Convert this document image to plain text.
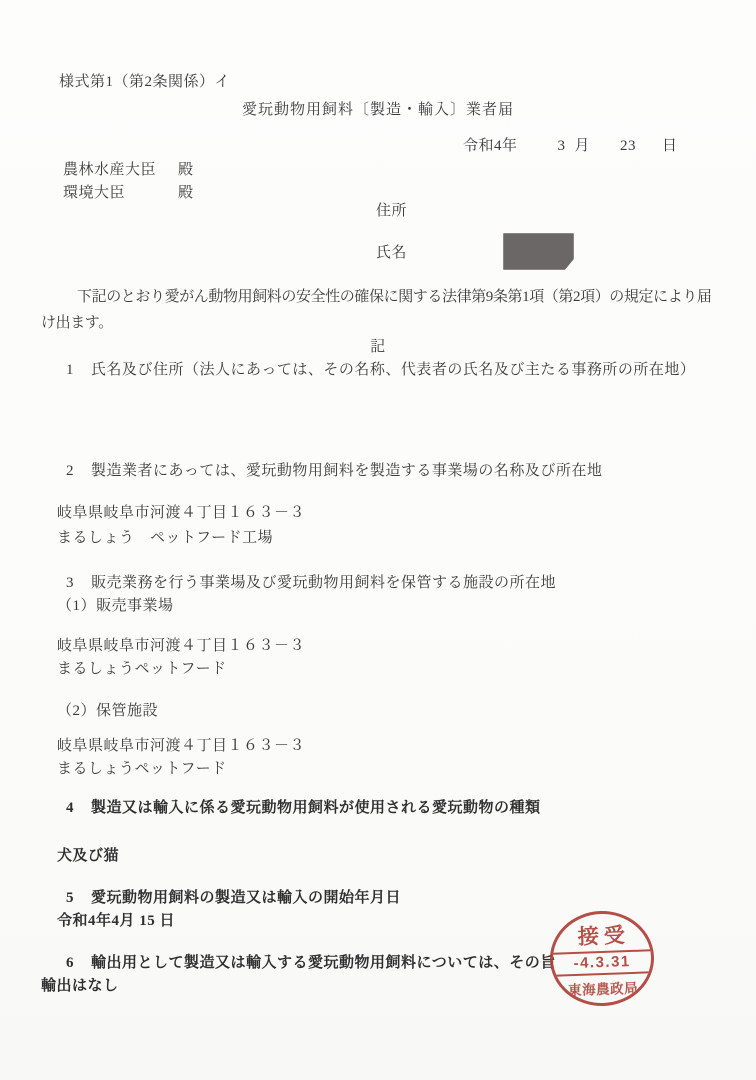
様式第1（第2条関係）イ
愛玩動物用飼料〔製造・輸入〕業者届
令和4年	3 月 23 日
農林水産大臣 殿
環境大臣	殿
住所
氏名
下記のとおり愛がん動物用飼料の安全性の確保に関する法律第9条第1項（第2項）の規定により届
け出ます。
記
1 氏名及び住所（法人にあっては、その名称、代表者の氏名及び主たる事務所の所在地）
2 製造業者にあっては、愛玩動物用飼料を製造する事業場の名称及び所在地
岐阜県岐阜市河渡４丁目１６３－３
まるしょう　ペットフード工場
3 販売業務を行う事業場及び愛玩動物用飼料を保管する施設の所在地
（1）販売事業場
岐阜県岐阜市河渡４丁目１６３－３
まるしょうペットフード
（2）保管施設
岐阜県岐阜市河渡４丁目１６３－３
まるしょうペットフード
4 製造又は輸入に係る愛玩動物用飼料が使用される愛玩動物の種類
犬及び猫
5 愛玩動物用飼料の製造又は輸入の開始年月日
令和4年4月 15 日
6 輸出用として製造又は輸入する愛玩動物用飼料については、その旨
輸出はなし
接受
-4.3.31
東海農政局
